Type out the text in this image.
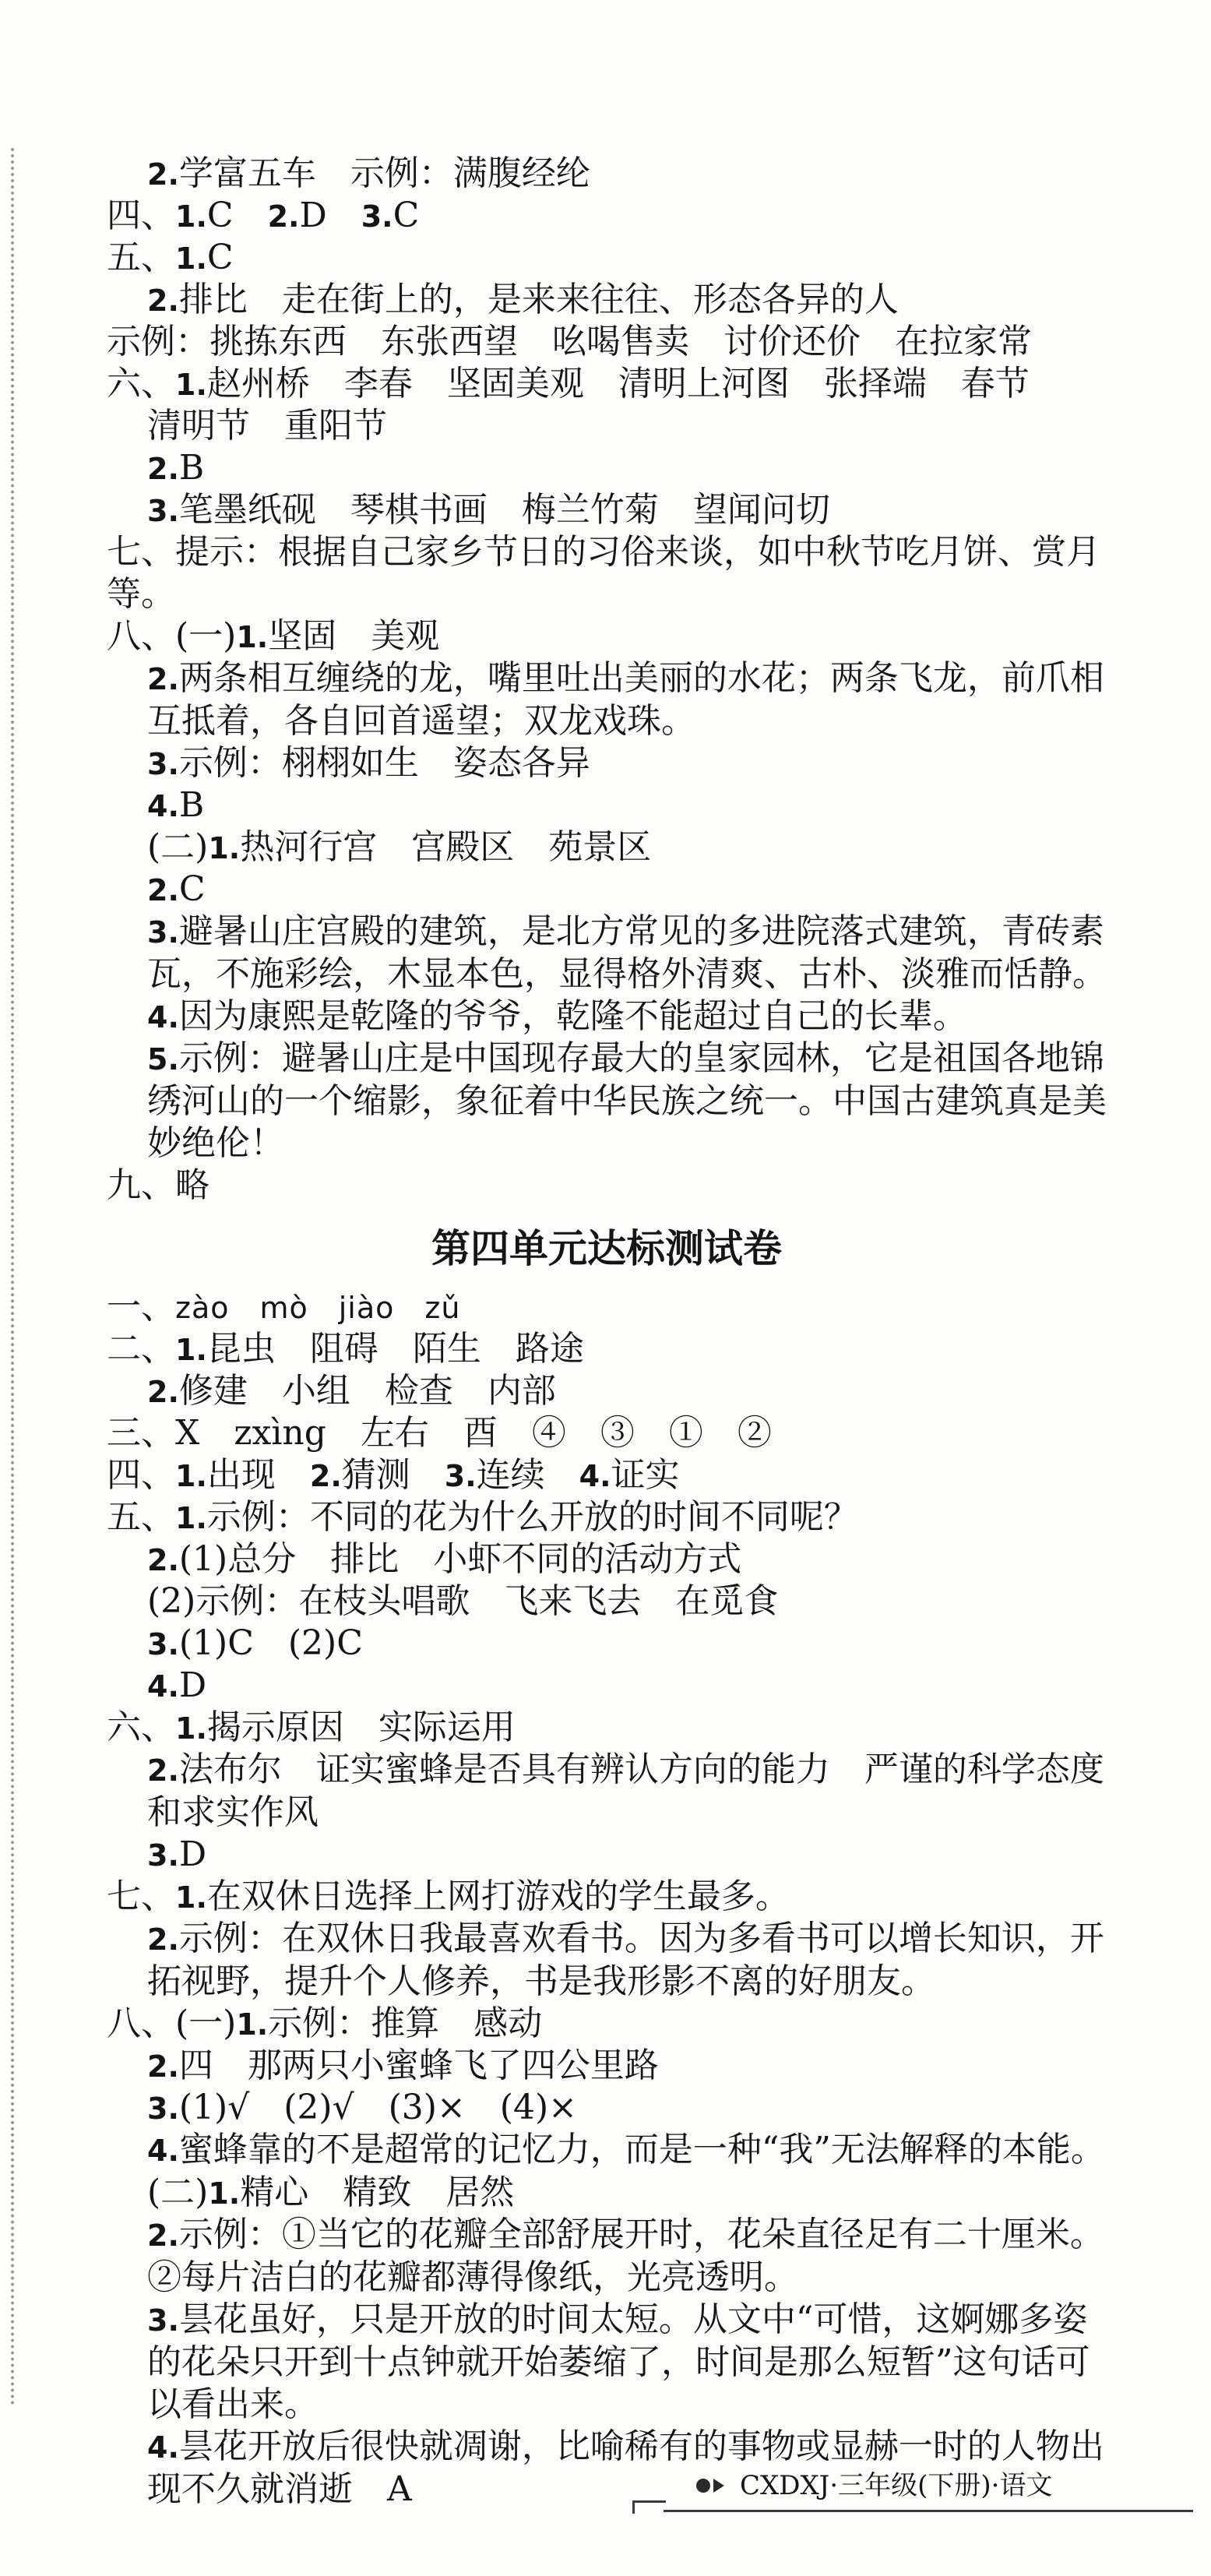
2.学富五车　示例：满腹经纶
四、1.C　2.D　3.C
五、1.C
2.排比　走在街上的，是来来往往、形态各异的人
示例：挑拣东西　东张西望　吆喝售卖　讨价还价　在拉家常
六、1.赵州桥　李春　坚固美观　清明上河图　张择端　春节
清明节　重阳节
2.B
3.笔墨纸砚　琴棋书画　梅兰竹菊　望闻问切
七、提示：根据自己家乡节日的习俗来谈，如中秋节吃月饼、赏月等。
八、(一)1.坚固　美观
2.两条相互缠绕的龙，嘴里吐出美丽的水花；两条飞龙，前爪相互抵着，各自回首遥望；双龙戏珠。
3.示例：栩栩如生　姿态各异
4.B
(二)1.热河行宫　宫殿区　苑景区
2.C
3.避暑山庄宫殿的建筑，是北方常见的多进院落式建筑，青砖素瓦，不施彩绘，木显本色，显得格外清爽、古朴、淡雅而恬静。
4.因为康熙是乾隆的爷爷，乾隆不能超过自己的长辈。
5.示例：避暑山庄是中国现存最大的皇家园林，它是祖国各地锦绣河山的一个缩影，象征着中华民族之统一。中国古建筑真是美妙绝伦！
九、略
第四单元达标测试卷
一、zào　mò　jiào　zǔ
二、1.昆虫　阻碍　陌生　路途
2.修建　小组　检查　内部
三、X　zxìng　左右　酉　④　③　①　②
四、1.出现　2.猜测　3.连续　4.证实
五、1.示例：不同的花为什么开放的时间不同呢？
2.(1)总分　排比　小虾不同的活动方式
(2)示例：在枝头唱歌　飞来飞去　在觅食
3.(1)C　(2)C
4.D
六、1.揭示原因　实际运用
2.法布尔　证实蜜蜂是否具有辨认方向的能力　严谨的科学态度和求实作风
3.D
七、1.在双休日选择上网打游戏的学生最多。
2.示例：在双休日我最喜欢看书。因为多看书可以增长知识，开拓视野，提升个人修养，书是我形影不离的好朋友。
八、(一)1.示例：推算　感动
2.四　那两只小蜜蜂飞了四公里路
3.(1)√　(2)√　(3)×　(4)×
4.蜜蜂靠的不是超常的记忆力，而是一种“我”无法解释的本能。
(二)1.精心　精致　居然
2.示例：①当它的花瓣全部舒展开时，花朵直径足有二十厘米。　②每片洁白的花瓣都薄得像纸，光亮透明。
3.昙花虽好，只是开放的时间太短。从文中“可惜，这婀娜多姿的花朵只开到十点钟就开始萎缩了，时间是那么短暂”这句话可以看出来。
4.昙花开放后很快就凋谢，比喻稀有的事物或显赫一时的人物出现不久就消逝　A	CXDXJ·三年级(下册)·语文
